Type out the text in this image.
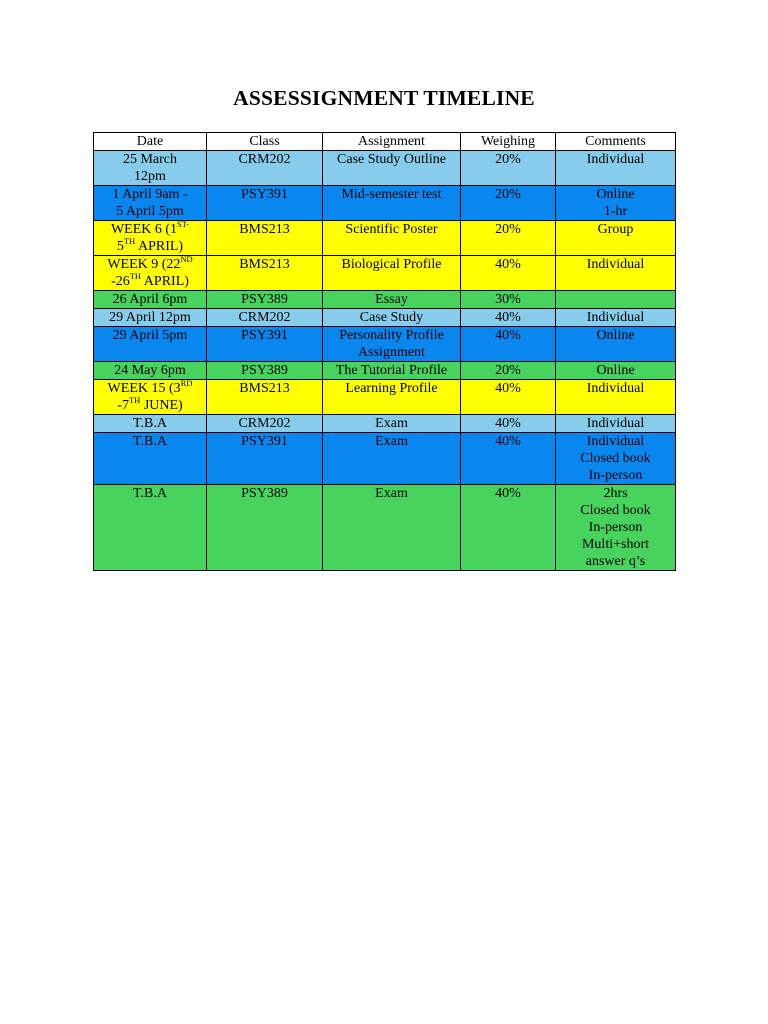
ASSESSIGNMENT TIMELINE
Date	Class	Assignment	Weighing	Comments

25 March
12pm	CRM202	Case Study Outline	20%	Individual

1 April 9am -
5 April 5pm	PSY391	Mid-semester test	20%	Online
1-hr

WEEK 6 ($1^{ST-}$
5TH APRIL)	BMS213	Scientific Poster	20%	Group

WEEK 9 (22ND
-26TH APRIL)	BMS213	Biological Profile	40%	Individual

26 April 6pm	PSY389	Essay	30%	

29 April 12pm	CRM202	Case Study	40%	Individual

29 April 5pm	PSY391	Personality Profile
Assignment	40%	Online

24 May 6pm	PSY389	The Tutorial Profile	20%	Online

WEEK 15 (3RD
-7TH JUNE)	BMS213	Learning Profile	40%	Individual

T.B.A	CRM202	Exam	40%	Individual

T.B.A	PSY391	Exam	40%	Individual
Closed book
In-person

T.B.A	PSY389	Exam	40%	2hrs
Closed book
In-person
Multi+short
answer q’s
